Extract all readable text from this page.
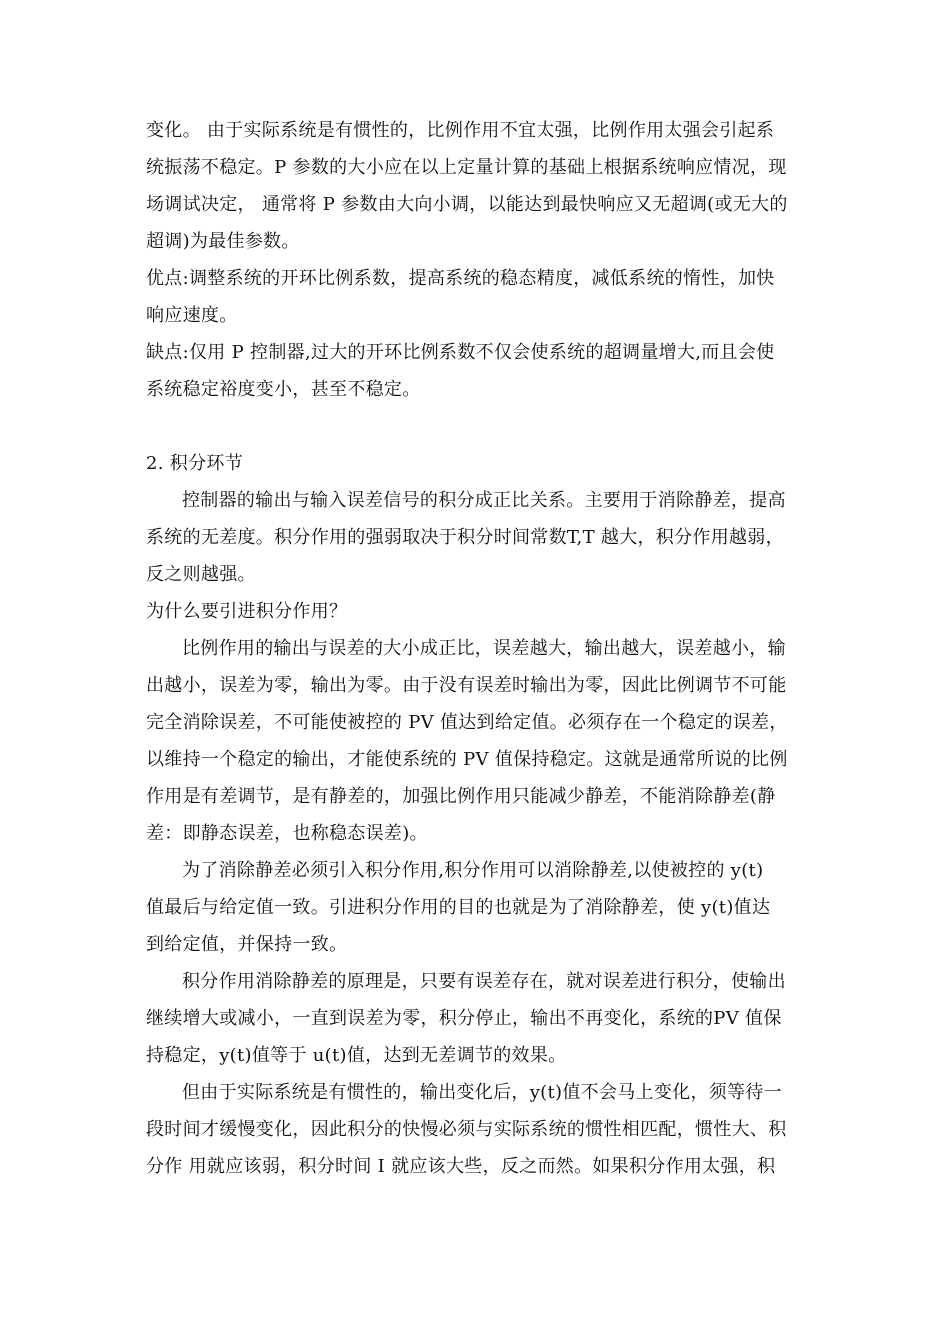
变化。 由于实际系统是有惯性的，比例作用不宜太强，比例作用太强会引起系
统振荡不稳定。P 参数的大小应在以上定量计算的基础上根据系统响应情况，现
场调试决定， 通常将 P 参数由大向小调，以能达到最快响应又无超调(或无大的
超调)为最佳参数。
优点:调整系统的开环比例系数，提高系统的稳态精度，减低系统的惰性，加快
响应速度。
缺点:仅用 P 控制器,过大的开环比例系数不仅会使系统的超调量增大,而且会使
系统稳定裕度变小，甚至不稳定。
2. 积分环节
控制器的输出与输入误差信号的积分成正比关系。主要用于消除静差，提高
系统的无差度。积分作用的强弱取决于积分时间常数T,T 越大，积分作用越弱，
反之则越强。
为什么要引进积分作用？
比例作用的输出与误差的大小成正比，误差越大，输出越大，误差越小，输
出越小，误差为零，输出为零。由于没有误差时输出为零，因此比例调节不可能
完全消除误差，不可能使被控的 PV 值达到给定值。必须存在一个稳定的误差，
以维持一个稳定的输出，才能使系统的 PV 值保持稳定。这就是通常所说的比例
作用是有差调节，是有静差的，加强比例作用只能减少静差，不能消除静差(静
差：即静态误差，也称稳态误差)。
为了消除静差必须引入积分作用,积分作用可以消除静差,以使被控的 y(t)
值最后与给定值一致。引进积分作用的目的也就是为了消除静差，使 y(t)值达
到给定值，并保持一致。
积分作用消除静差的原理是，只要有误差存在，就对误差进行积分，使输出
继续增大或减小，一直到误差为零，积分停止，输出不再变化，系统的PV 值保
持稳定，y(t)值等于 u(t)值，达到无差调节的效果。
但由于实际系统是有惯性的，输出变化后，y(t)值不会马上变化，须等待一
段时间才缓慢变化，因此积分的快慢必须与实际系统的惯性相匹配，惯性大、积
分作 用就应该弱，积分时间 I 就应该大些，反之而然。如果积分作用太强，积
